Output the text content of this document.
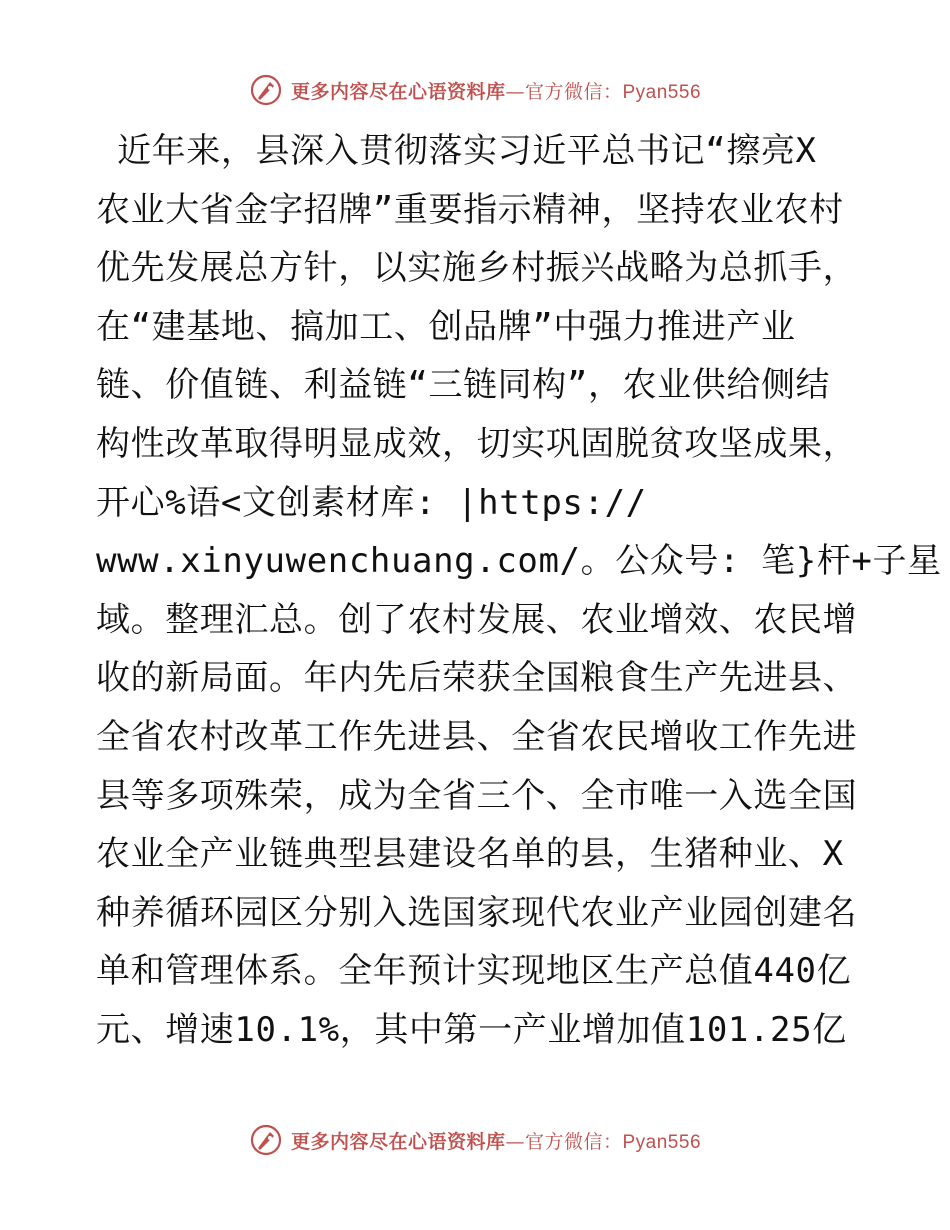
更多内容尽在心语资料库—官方微信：Pyan556
近年来，县深入贯彻落实习近平总书记“擦亮X
农业大省金字招牌”重要指示精神，坚持农业农村
优先发展总方针，以实施乡村振兴战略为总抓手，
在“建基地、搞加工、创品牌”中强力推进产业
链、价值链、利益链“三链同构”，农业供给侧结
构性改革取得明显成效，切实巩固脱贫攻坚成果，
开心%语<文创素材库: |https://
www.xinyuwenchuang.com/。公众号: 笔}杆+子星
域。整理汇总。创了农村发展、农业增效、农民增
收的新局面。年内先后荣获全国粮食生产先进县、
全省农村改革工作先进县、全省农民增收工作先进
县等多项殊荣，成为全省三个、全市唯一入选全国
农业全产业链典型县建设名单的县，生猪种业、X
种养循环园区分别入选国家现代农业产业园创建名
单和管理体系。全年预计实现地区生产总值440亿
元、增速10.1%，其中第一产业增加值101.25亿
更多内容尽在心语资料库—官方微信：Pyan556
